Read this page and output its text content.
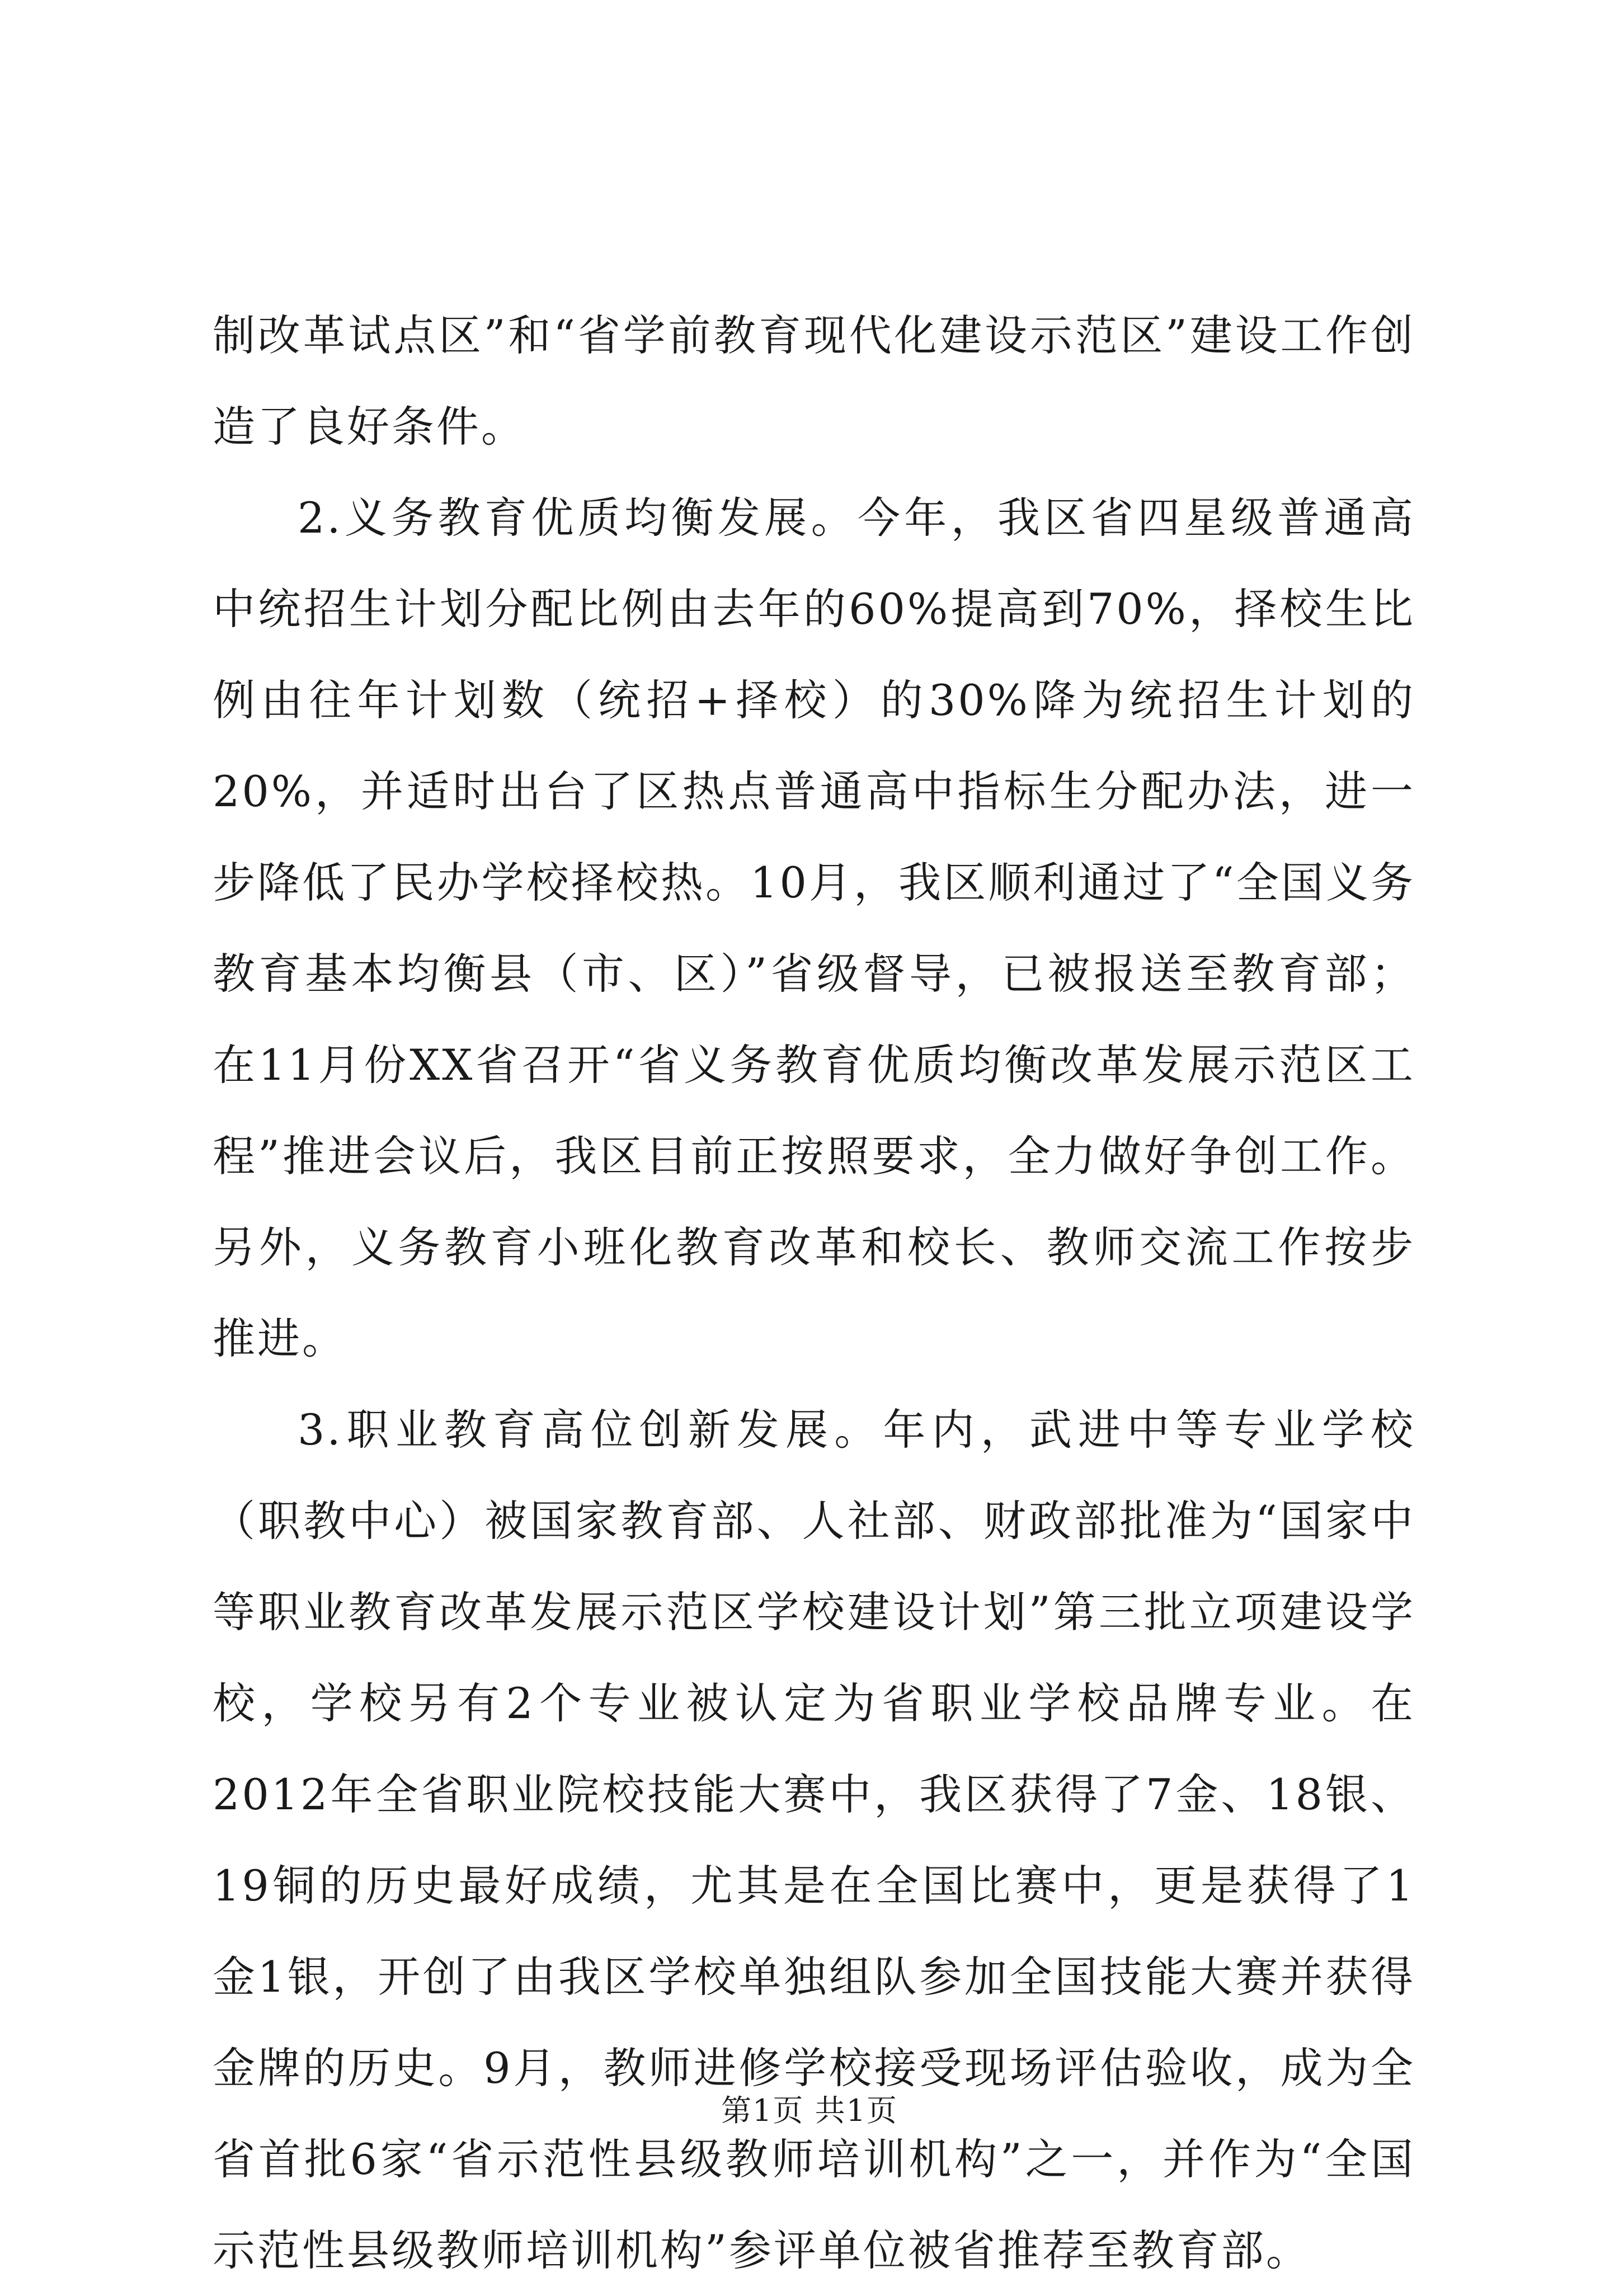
制改革试点区”和“省学前教育现代化建设示范区”建设工作创造了良好条件。

2.义务教育优质均衡发展。今年，我区省四星级普通高中统招生计划分配比例由去年的60%提高到70%，择校生比例由往年计划数（统招+择校）的30%降为统招生计划的20%，并适时出台了区热点普通高中指标生分配办法，进一步降低了民办学校择校热。10月，我区顺利通过了“全国义务教育基本均衡县（市、区）”省级督导，已被报送至教育部；在11月份XX省召开“省义务教育优质均衡改革发展示范区工程”推进会议后，我区目前正按照要求，全力做好争创工作。另外，义务教育小班化教育改革和校长、教师交流工作按步推进。

3.职业教育高位创新发展。年内，武进中等专业学校（职教中心）被国家教育部、人社部、财政部批准为“国家中等职业教育改革发展示范区学校建设计划”第三批立项建设学校，学校另有2个专业被认定为省职业学校品牌专业。在2012年全省职业院校技能大赛中，我区获得了7金、18银、19铜的历史最好成绩，尤其是在全国比赛中，更是获得了1金1银，开创了由我区学校单独组队参加全国技能大赛并获得金牌的历史。9月，教师进修学校接受现场评估验收，成为全省首批6家“省示范性县级教师培训机构”之一，并作为“全国示范性县级教师培训机构”参评单位被省推荐至教育部。

第1页 共1页
